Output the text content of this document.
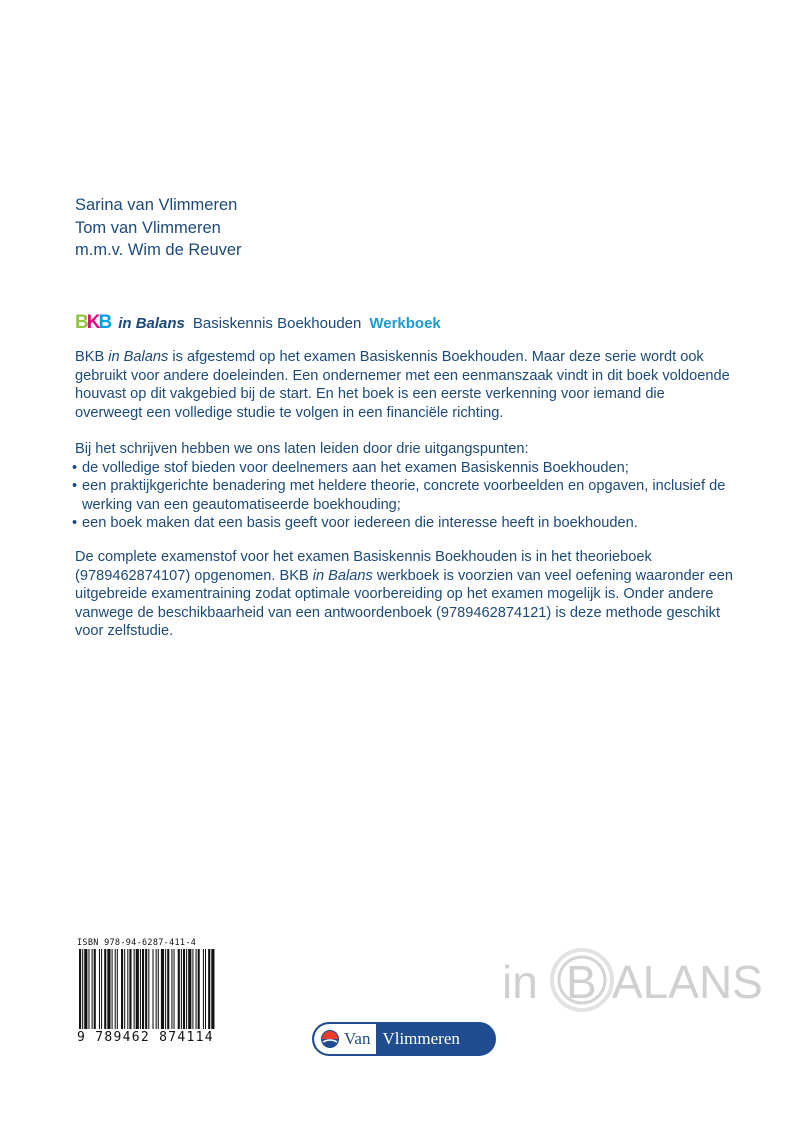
Sarina van Vlimmeren
Tom van Vlimmeren
m.m.v. Wim de Reuver
BKB in Balans Basiskennis Boekhouden Werkboek

BKB in Balans is afgestemd op het examen Basiskennis Boekhouden. Maar deze serie wordt ook gebruikt voor andere doeleinden. Een ondernemer met een eenmanszaak vindt in dit boek voldoende houvast op dit vakgebied bij de start. En het boek is een eerste verkenning voor iemand die overweegt een volledige studie te volgen in een financiële richting.

Bij het schrijven hebben we ons laten leiden door drie uitgangspunten:
• de volledige stof bieden voor deelnemers aan het examen Basiskennis Boekhouden;
• een praktijkgerichte benadering met heldere theorie, concrete voorbeelden en opgaven, inclusief de werking van een geautomatiseerde boekhouding;
• een boek maken dat een basis geeft voor iedereen die interesse heeft in boekhouden.

De complete examenstof voor het examen Basiskennis Boekhouden is in het theorieboek (9789462874107) opgenomen. BKB in Balans werkboek is voorzien van veel oefening waaronder een uitgebreide examentraining zodat optimale voorbereiding op het examen mogelijk is. Onder andere vanwege de beschikbaarheid van een antwoordenboek (9789462874121) is deze methode geschikt voor zelfstudie.

ISBN 978-94-6287-411-4
9 789462 874114	Van Vlimmeren
in B ALANS
